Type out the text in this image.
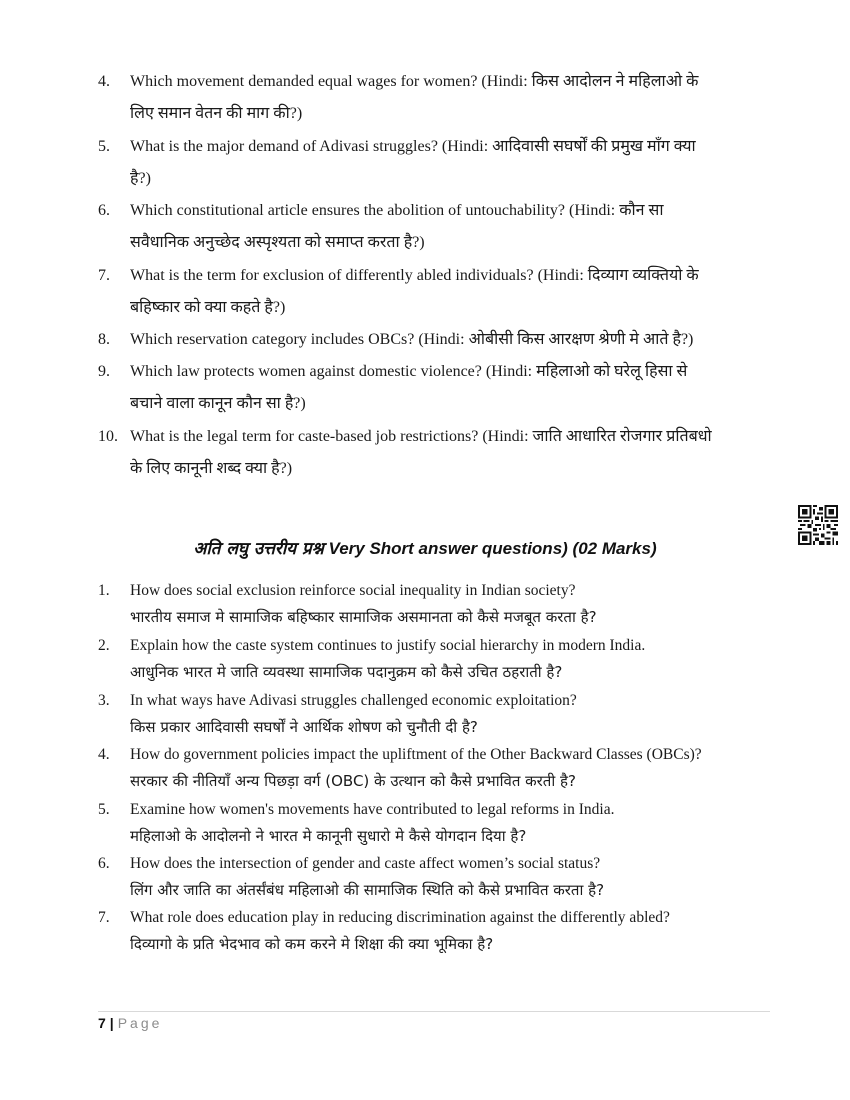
4. Which movement demanded equal wages for women? (Hindi: किस आदोलन ने महिलाओ के
लिए समान वेतन की माग की?)
5. What is the major demand of Adivasi struggles? (Hindi: आदिवासी सघर्षों की प्रमुख माँग क्या
है?)
6. Which constitutional article ensures the abolition of untouchability? (Hindi: कौन सा
सवैधानिक अनुच्छेद अस्पृश्यता को समाप्त करता है?)
7. What is the term for exclusion of differently abled individuals? (Hindi: दिव्याग व्यक्तियो के
बहिष्कार को क्या कहते है?)
8. Which reservation category includes OBCs? (Hindi: ओबीसी किस आरक्षण श्रेणी मे आते है?)
9. Which law protects women against domestic violence? (Hindi: महिलाओ को घरेलू हिसा से
बचाने वाला कानून कौन सा है?)
10. What is the legal term for caste-based job restrictions? (Hindi: जाति आधारित रोजगार प्रतिबधो
के लिए कानूनी शब्द क्या है?)
अति लघु उत्तरीय प्रश्न Very Short answer questions) (02 Marks)
1. How does social exclusion reinforce social inequality in Indian society?
भारतीय समाज मे सामाजिक बहिष्कार सामाजिक असमानता को कैसे मजबूत करता है?
2. Explain how the caste system continues to justify social hierarchy in modern India.
आधुनिक भारत मे जाति व्यवस्था सामाजिक पदानुक्रम को कैसे उचित ठहराती है?
3. In what ways have Adivasi struggles challenged economic exploitation?
किस प्रकार आदिवासी सघर्षों ने आर्थिक शोषण को चुनौती दी है?
4. How do government policies impact the upliftment of the Other Backward Classes (OBCs)?
सरकार की नीतियाँ अन्य पिछड़ा वर्ग (OBC) के उत्थान को कैसे प्रभावित करती है?
5. Examine how women's movements have contributed to legal reforms in India.
महिलाओ के आदोलनो ने भारत मे कानूनी सुधारो मे कैसे योगदान दिया है?
6. How does the intersection of gender and caste affect women’s social status?
लिंग और जाति का अंतर्संबंध महिलाओ की सामाजिक स्थिति को कैसे प्रभावित करता है?
7. What role does education play in reducing discrimination against the differently abled?
दिव्यागो के प्रति भेदभाव को कम करने मे शिक्षा की क्या भूमिका है?
7 | Page
